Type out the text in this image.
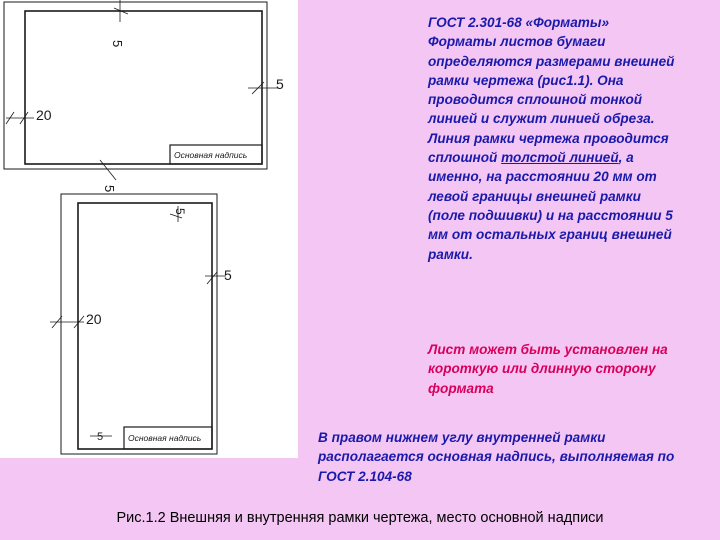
5
5
20
Основная надпись
5
5
5
20
5	Основная надпись

ГОСТ 2.301-68 «Форматы» Форматы листов бумаги определяются размерами внешней рамки чертежа (рис1.1). Она проводится сплошной тонкой линией и служит линией обреза. Линия рамки чертежа проводится сплошной толстой линией, а именно, на расстоянии 20 мм от левой границы внешней рамки (поле подшивки) и на расстоянии 5 мм от остальных границ внешней рамки.

Лист может быть установлен на короткую или длинную сторону формата

В правом нижнем углу внутренней рамки располагается основная надпись, выполняемая по ГОСТ 2.104-68

Рис.1.2 Внешняя и внутренняя рамки чертежа, место основной надписи
